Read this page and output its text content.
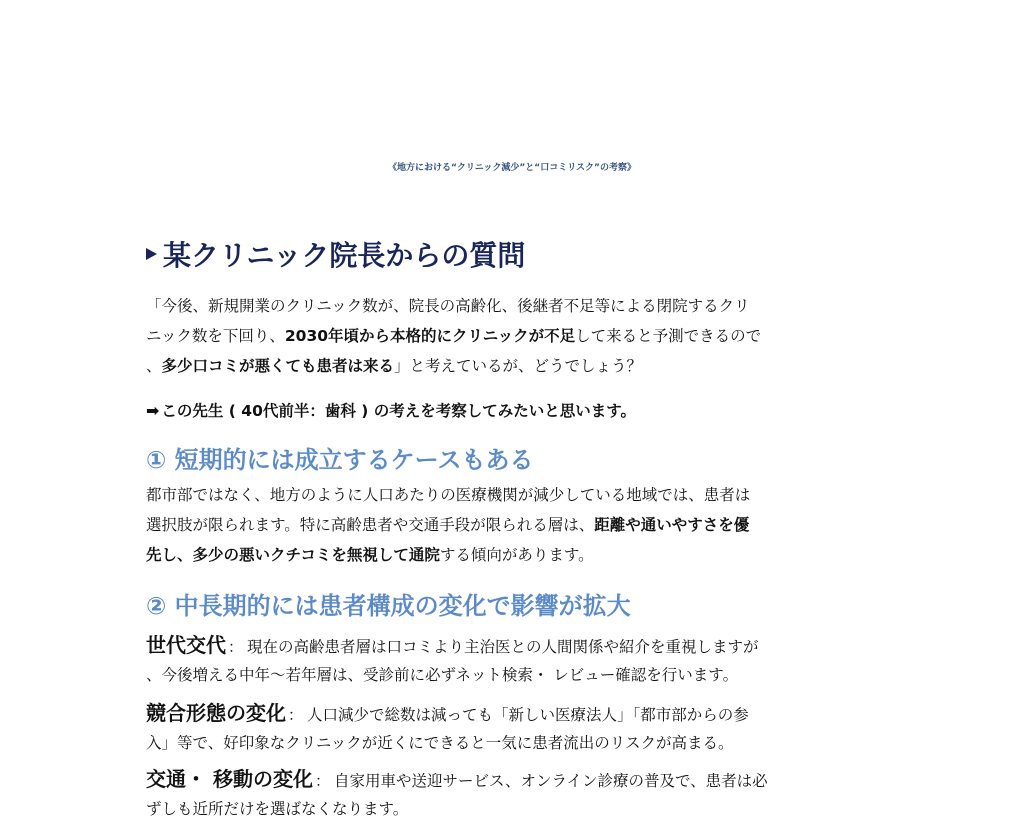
《地方における“クリニック減少”と“口コミリスク”の考察》
某クリニック院長からの質問
「今後、新規開業のクリニック数が、院長の高齢化、後継者不足等による閉院するクリ
ニック数を下回り、2030年頃から本格的にクリニックが不足して来ると予測できるので
、多少口コミが悪くても患者は来る」と考えているが、どうでしょう？
➡ この先生 ( 40代前半：歯科 ) の考えを考察してみたいと思います。
① 短期的には成立するケースもある
都市部ではなく、地方のように人口あたりの医療機関が減少している地域では、患者は
選択肢が限られます。特に高齢患者や交通手段が限られる層は、距離や通いやすさを優
先し、多少の悪いクチコミを無視して通院する傾向があります。
② 中長期的には患者構成の変化で影響が拡大
世代交代 ： 現在の高齢患者層は口コミより主治医との人間関係や紹介を重視しますが
、今後増える中年〜若年層は、受診前に必ずネット検索・ レビュー確認を行います。
競合形態の変化 ： 人口減少で総数は減っても「新しい医療法人」「都市部からの参
入」等で、好印象なクリニックが近くにできると一気に患者流出のリスクが高まる。
交通・ 移動の変化 ： 自家用車や送迎サービス、オンライン診療の普及で、患者は必
ずしも近所だけを選ばなくなります。
